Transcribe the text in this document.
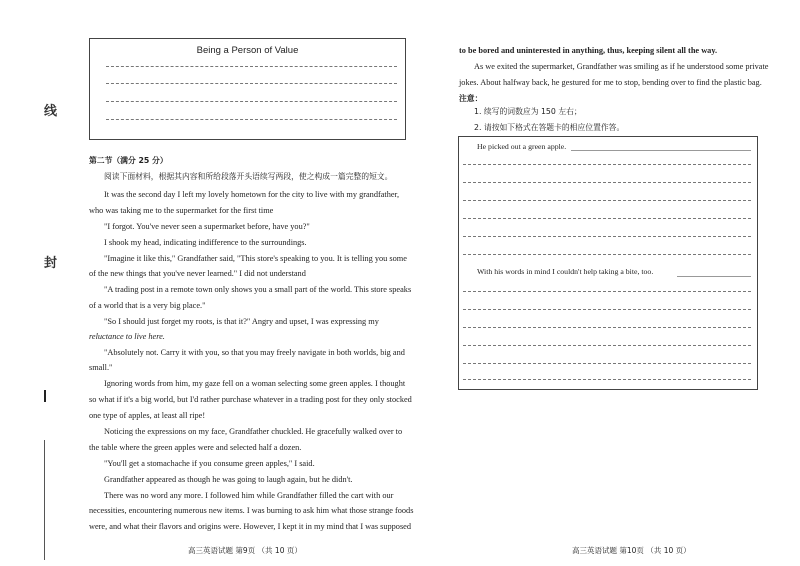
线
封
Being a Person of Value
第二节（满分 25 分）
阅读下面材料，根据其内容和所给段落开头语续写两段，使之构成一篇完整的短文。
It was the second day I left my lovely hometown for the city to live with my grandfather,
who was taking me to the supermarket for the first time
"I forgot. You've never seen a supermarket before, have you?"
I shook my head, indicating indifference to the surroundings.
"Imagine it like this," Grandfather said, "This store's speaking to you. It is telling you some
of the new things that you've never learned." I did not understand
"A trading post in a remote town only shows you a small part of the world. This store speaks
of a world that is a very big place."
"So I should just forget my roots, is that it?" Angry and upset, I was expressing my
reluctance to live here.
"Absolutely not. Carry it with you, so that you may freely navigate in both worlds, big and
small."
Ignoring words from him, my gaze fell on a woman selecting some green apples. I thought
so what if it's a big world, but I'd rather purchase whatever in a trading post for they only stocked
one type of apples, at least all ripe!
Noticing the expressions on my face, Grandfather chuckled. He gracefully walked over to
the table where the green apples were and selected half a dozen.
"You'll get a stomachache if you consume green apples," I said.
Grandfather appeared as though he was going to laugh again, but he didn't.
There was no word any more. I followed him while Grandfather filled the cart with our
necessities, encountering numerous new items. I was burning to ask him what those strange foods
were, and what their flavors and origins were. However, I kept it in my mind that I was supposed
高三英语试题 第9页 （共 10 页）
to be bored and uninterested in anything, thus, keeping silent all the way.
As we exited the supermarket, Grandfather was smiling as if he understood some private
jokes. About halfway back, he gestured for me to stop, bending over to find the plastic bag.
注意：
1. 续写的词数应为 150 左右；
2. 请按如下格式在答题卡的相应位置作答。
He picked out a green apple.
With his words in mind I couldn't help taking a bite, too.
高三英语试题 第10页 （共 10 页）
